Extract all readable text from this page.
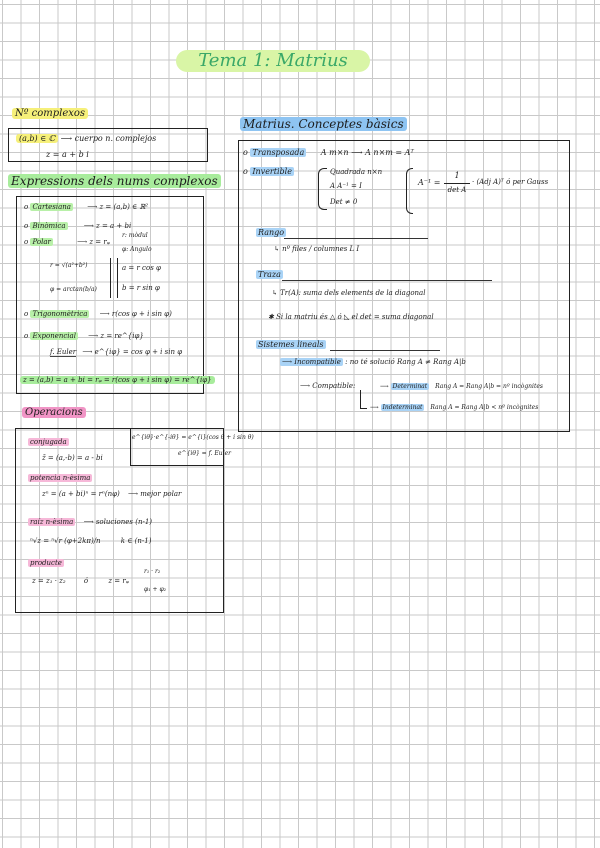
Tema 1: Matrius
Nº complexos
(a,b) ∈ ℂ ⟶ cuerpo n. complejos
z = a + b i
Expressions dels nums complexos
o Cartesiana ⟶ z = (a,b) ∈ ℝ²
o Binòmica	⟶ z = a + bi
o Polar	⟶ z = rᵩ
r: mòdul
φ: Angulo
r = √(a²+b²)
φ = arctan(b/a)
a = r cos φ
b = r sin φ
o Trigonomètrica ⟶ r(cos φ + i sin φ)
o Exponencial ⟶ z = re^{iφ}
f. Euler ⟶ e^{iφ} = cos φ + i sin φ
z = (a,b) = a + bi = rᵩ = r(cos φ + i sin φ) = re^{iφ}
Operacions
e^{iθ}·e^{-iθ} = e^{i}(cos θ + i sin θ)
e^{iθ} = f. Euler
conjugada
z̄ = (a,-b) = a - bi
potencia n-èsima
zⁿ = (a + bi)ⁿ = rⁿ(nφ) ⟶ mejor polar
raíz n-èsima ⟶ soluciones (n-1)
ⁿ√z = ⁿ√r (φ+2kπ)/n	k ∈ (n-1)
producte
z = z₁ · z₂	ó	z = rᵩ
r₁ · r₂
φ₁ + φ₂
Matrius. Conceptes bàsics
o Transposada A m×n ⟶ A n×m = Aᵀ
o Invertible	Quadrada n×n
A A⁻¹ = I
Det ≠ 0
A⁻¹ =
1
det A
· (Adj A)ᵀ ó per Gauss
Rango
↳ nº files / columnes L I
Traza
↳ Tr(A): suma dels elements de la diagonal
✱ Si la matriu és △ ó ◺ el det = suma diagonal
Sistemes lineals
⟶ Incompatible : no té solució Rang A ≠ Rang A|b
⟶ Compatible:	⟶ Determinat Rang A = Rang A|b = nº incògnites
⟶ Indeterminat Rang A = Rang A|b < nº incògnites
